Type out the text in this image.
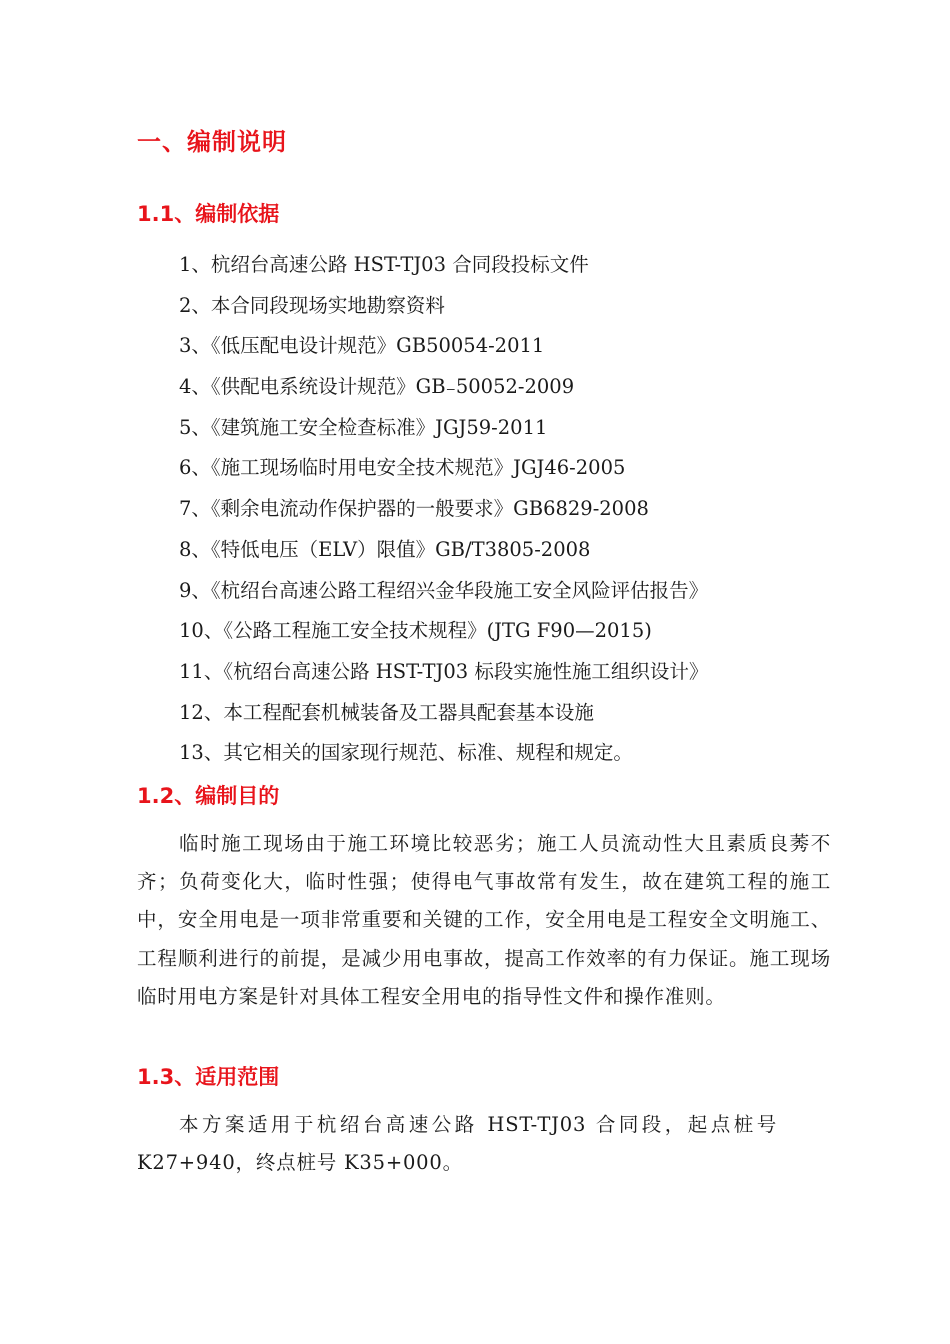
一、编制说明
1.1、编制依据
1、杭绍台高速公路 HST-TJ03 合同段投标文件
2、本合同段现场实地勘察资料
3、《低压配电设计规范》GB50054-2011
4、《供配电系统设计规范》GB₋50052-2009
5、《建筑施工安全检查标准》JGJ59-2011
6、《施工现场临时用电安全技术规范》JGJ46-2005
7、《剩余电流动作保护器的一般要求》GB6829-2008
8、《特低电压（ELV）限值》GB/T3805-2008
9、《杭绍台高速公路工程绍兴金华段施工安全风险评估报告》
10、《公路工程施工安全技术规程》(JTG F90—2015)
11、《杭绍台高速公路 HST-TJ03 标段实施性施工组织设计》
12、本工程配套机械装备及工器具配套基本设施
13、其它相关的国家现行规范、标准、规程和规定。
1.2、编制目的

临时施工现场由于施工环境比较恶劣；施工人员流动性大且素质良莠不齐；负荷变化大，临时性强；使得电气事故常有发生，故在建筑工程的施工中，安全用电是一项非常重要和关键的工作，安全用电是工程安全文明施工、工程顺利进行的前提，是减少用电事故，提高工作效率的有力保证。施工现场临时用电方案是针对具体工程安全用电的指导性文件和操作准则。

1.3、适用范围

本方案适用于杭绍台高速公路 HST-TJ03 合同段，起点桩号 K27+940，终点桩号 K35+000。
